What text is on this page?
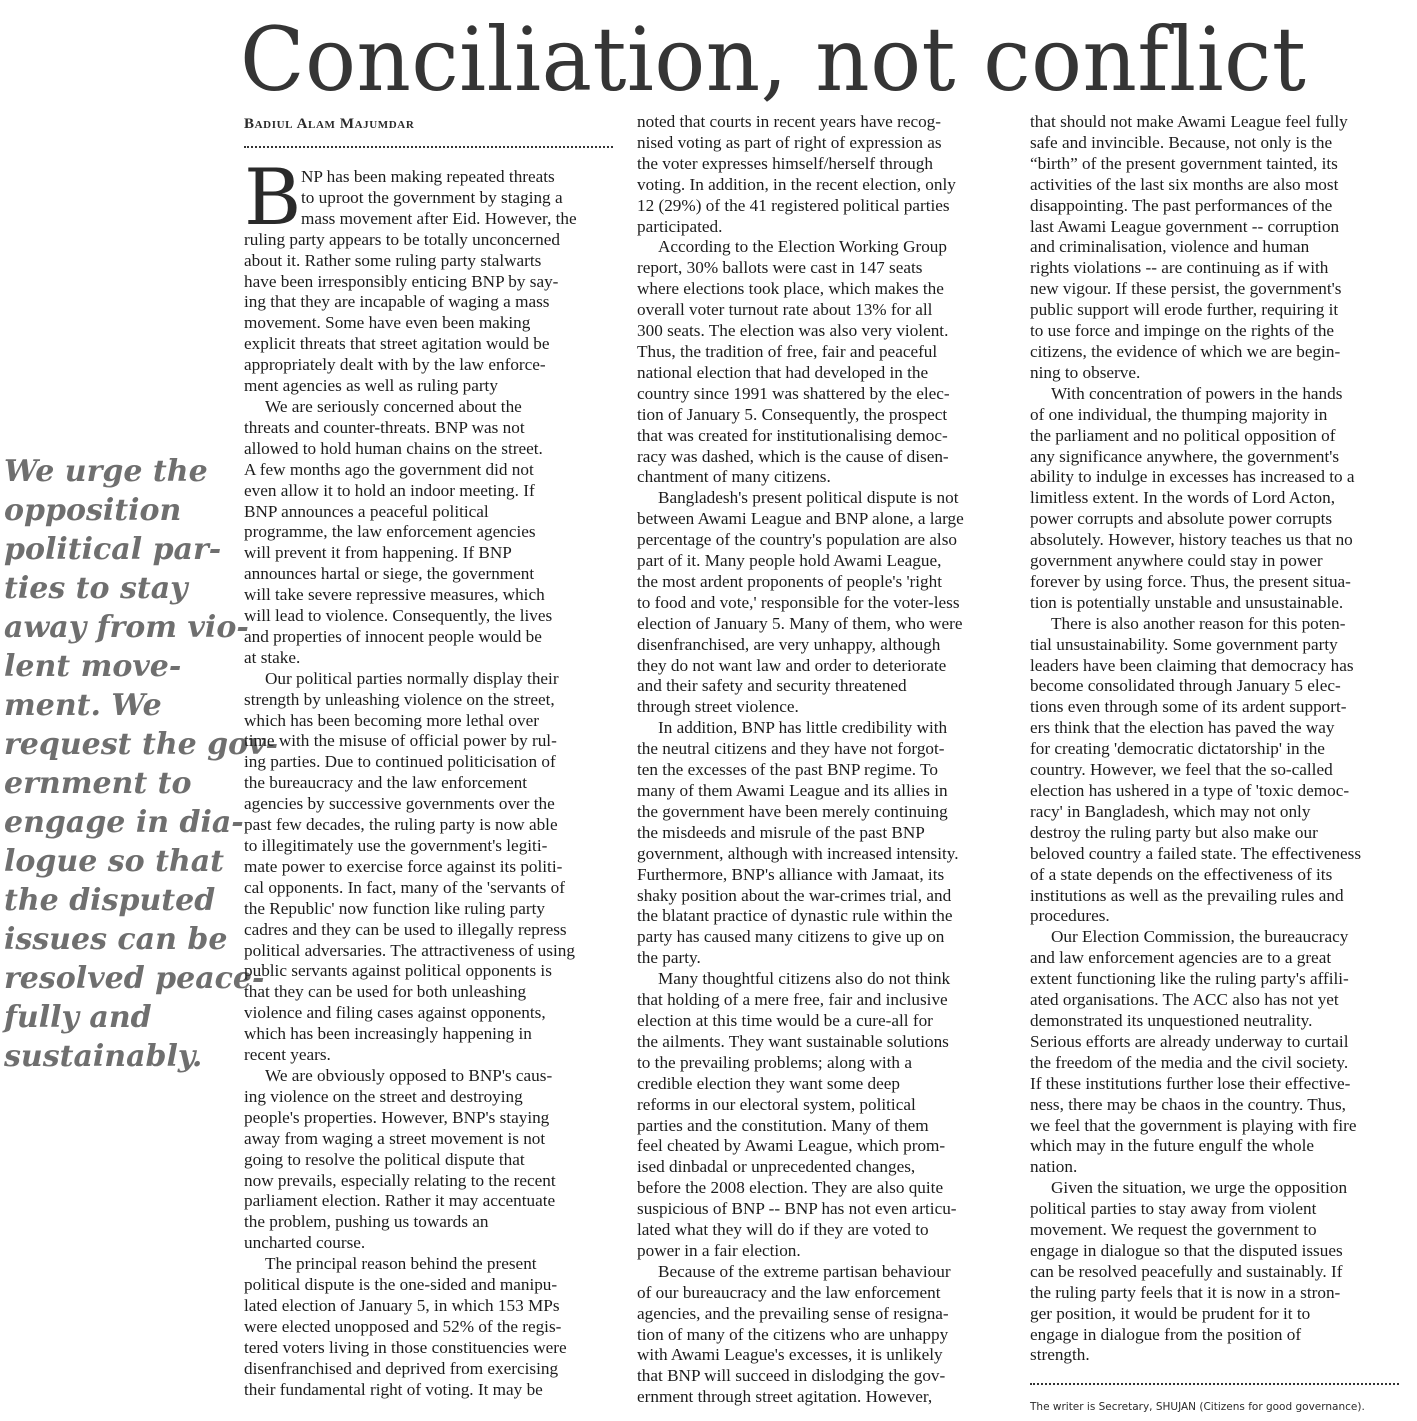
Conciliation, not conflict
Badiul Alam Majumdar
We urge the
opposition
political par-
ties to stay
away from vio-
lent move-
ment. We
request the gov-
ernment to
engage in dia-
logue so that
the disputed
issues can be
resolved peace-
fully and
sustainably.
B NP has been making repeated threats
to uproot the government by staging a
mass movement after Eid. However, the
ruling party appears to be totally unconcerned
about it. Rather some ruling party stalwarts
have been irresponsibly enticing BNP by say-
ing that they are incapable of waging a mass
movement. Some have even been making
explicit threats that street agitation would be
appropriately dealt with by the law enforce-
ment agencies as well as ruling party
We are seriously concerned about the
threats and counter-threats. BNP was not
allowed to hold human chains on the street.
A few months ago the government did not
even allow it to hold an indoor meeting. If
BNP announces a peaceful political
programme, the law enforcement agencies
will prevent it from happening. If BNP
announces hartal or siege, the government
will take severe repressive measures, which
will lead to violence. Consequently, the lives
and properties of innocent people would be
at stake.
Our political parties normally display their
strength by unleashing violence on the street,
which has been becoming more lethal over
time with the misuse of official power by rul-
ing parties. Due to continued politicisation of
the bureaucracy and the law enforcement
agencies by successive governments over the
past few decades, the ruling party is now able
to illegitimately use the government's legiti-
mate power to exercise force against its politi-
cal opponents. In fact, many of the 'servants of
the Republic' now function like ruling party
cadres and they can be used to illegally repress
political adversaries. The attractiveness of using
public servants against political opponents is
that they can be used for both unleashing
violence and filing cases against opponents,
which has been increasingly happening in
recent years.
We are obviously opposed to BNP's caus-
ing violence on the street and destroying
people's properties. However, BNP's staying
away from waging a street movement is not
going to resolve the political dispute that
now prevails, especially relating to the recent
parliament election. Rather it may accentuate
the problem, pushing us towards an
uncharted course.
The principal reason behind the present
political dispute is the one-sided and manipu-
lated election of January 5, in which 153 MPs
were elected unopposed and 52% of the regis-
tered voters living in those constituencies were
disenfranchised and deprived from exercising
their fundamental right of voting. It may be
noted that courts in recent years have recog-
nised voting as part of right of expression as
the voter expresses himself/herself through
voting. In addition, in the recent election, only
12 (29%) of the 41 registered political parties
participated.
According to the Election Working Group
report, 30% ballots were cast in 147 seats
where elections took place, which makes the
overall voter turnout rate about 13% for all
300 seats. The election was also very violent.
Thus, the tradition of free, fair and peaceful
national election that had developed in the
country since 1991 was shattered by the elec-
tion of January 5. Consequently, the prospect
that was created for institutionalising democ-
racy was dashed, which is the cause of disen-
chantment of many citizens.
Bangladesh's present political dispute is not
between Awami League and BNP alone, a large
percentage of the country's population are also
part of it. Many people hold Awami League,
the most ardent proponents of people's 'right
to food and vote,' responsible for the voter-less
election of January 5. Many of them, who were
disenfranchised, are very unhappy, although
they do not want law and order to deteriorate
and their safety and security threatened
through street violence.
In addition, BNP has little credibility with
the neutral citizens and they have not forgot-
ten the excesses of the past BNP regime. To
many of them Awami League and its allies in
the government have been merely continuing
the misdeeds and misrule of the past BNP
government, although with increased intensity.
Furthermore, BNP's alliance with Jamaat, its
shaky position about the war-crimes trial, and
the blatant practice of dynastic rule within the
party has caused many citizens to give up on
the party.
Many thoughtful citizens also do not think
that holding of a mere free, fair and inclusive
election at this time would be a cure-all for
the ailments. They want sustainable solutions
to the prevailing problems; along with a
credible election they want some deep
reforms in our electoral system, political
parties and the constitution. Many of them
feel cheated by Awami League, which prom-
ised dinbadal or unprecedented changes,
before the 2008 election. They are also quite
suspicious of BNP -- BNP has not even articu-
lated what they will do if they are voted to
power in a fair election.
Because of the extreme partisan behaviour
of our bureaucracy and the law enforcement
agencies, and the prevailing sense of resigna-
tion of many of the citizens who are unhappy
with Awami League's excesses, it is unlikely
that BNP will succeed in dislodging the gov-
ernment through street agitation. However,
that should not make Awami League feel fully
safe and invincible. Because, not only is the
“birth” of the present government tainted, its
activities of the last six months are also most
disappointing. The past performances of the
last Awami League government -- corruption
and criminalisation, violence and human
rights violations -- are continuing as if with
new vigour. If these persist, the government's
public support will erode further, requiring it
to use force and impinge on the rights of the
citizens, the evidence of which we are begin-
ning to observe.
With concentration of powers in the hands
of one individual, the thumping majority in
the parliament and no political opposition of
any significance anywhere, the government's
ability to indulge in excesses has increased to a
limitless extent. In the words of Lord Acton,
power corrupts and absolute power corrupts
absolutely. However, history teaches us that no
government anywhere could stay in power
forever by using force. Thus, the present situa-
tion is potentially unstable and unsustainable.
There is also another reason for this poten-
tial unsustainability. Some government party
leaders have been claiming that democracy has
become consolidated through January 5 elec-
tions even through some of its ardent support-
ers think that the election has paved the way
for creating 'democratic dictatorship' in the
country. However, we feel that the so-called
election has ushered in a type of 'toxic democ-
racy' in Bangladesh, which may not only
destroy the ruling party but also make our
beloved country a failed state. The effectiveness
of a state depends on the effectiveness of its
institutions as well as the prevailing rules and
procedures.
Our Election Commission, the bureaucracy
and law enforcement agencies are to a great
extent functioning like the ruling party's affili-
ated organisations. The ACC also has not yet
demonstrated its unquestioned neutrality.
Serious efforts are already underway to curtail
the freedom of the media and the civil society.
If these institutions further lose their effective-
ness, there may be chaos in the country. Thus,
we feel that the government is playing with fire
which may in the future engulf the whole
nation.
Given the situation, we urge the opposition
political parties to stay away from violent
movement. We request the government to
engage in dialogue so that the disputed issues
can be resolved peacefully and sustainably. If
the ruling party feels that it is now in a stron-
ger position, it would be prudent for it to
engage in dialogue from the position of
strength.
The writer is Secretary, SHUJAN (Citizens for good governance).
